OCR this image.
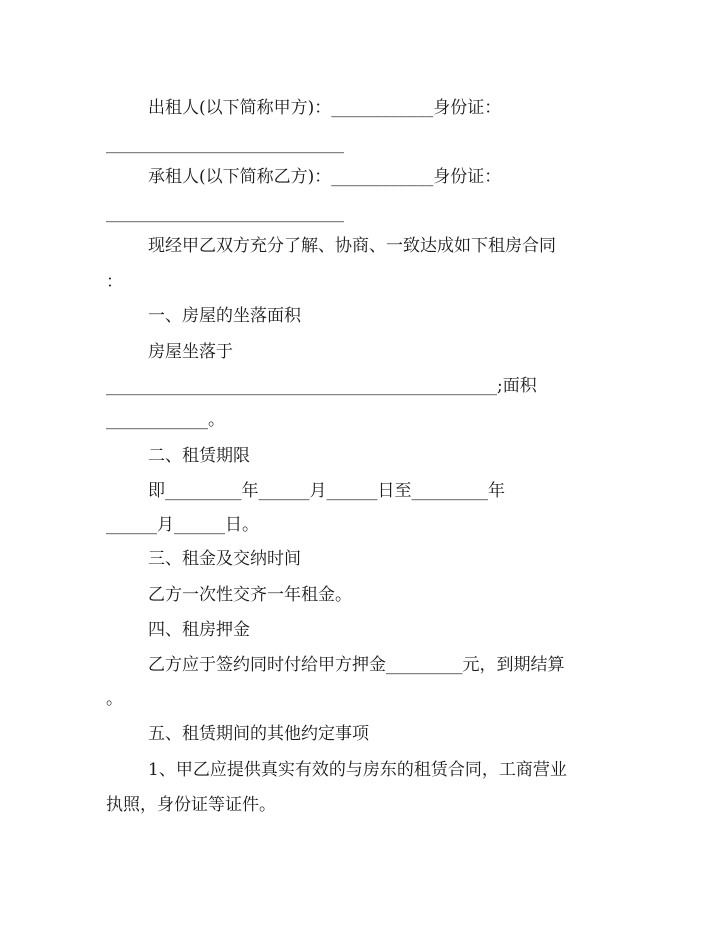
出租人(以下简称甲方)：____________身份证：
____________________________
承租人(以下简称乙方)：____________身份证：
____________________________
现经甲乙双方充分了解、协商、一致达成如下租房合同
：
一、房屋的坐落面积
房屋坐落于
______________________________________________;面积
____________。
二、租赁期限
即_________年______月______日至_________年
______月______日。
三、租金及交纳时间
乙方一次性交齐一年租金。
四、租房押金
乙方应于签约同时付给甲方押金_________元，到期结算
。
五、租赁期间的其他约定事项
1、甲乙应提供真实有效的与房东的租赁合同，工商营业
执照，身份证等证件。
